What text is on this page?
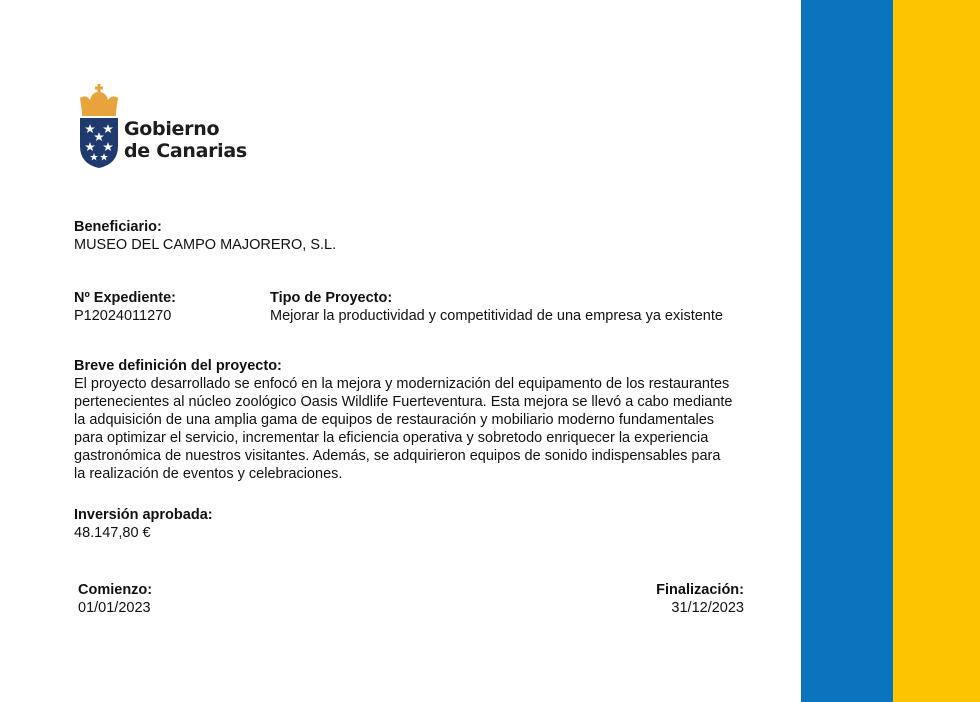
Gobierno
de Canarias
Beneficiario:
MUSEO DEL CAMPO MAJORERO, S.L.
Nº Expediente:
P12024011270
Tipo de Proyecto:
Mejorar la productividad y competitividad de una empresa ya existente
Breve definición del proyecto:
El proyecto desarrollado se enfocó en la mejora y modernización del equipamento de los restaurantes
pertenecientes al núcleo zoológico Oasis Wildlife Fuerteventura. Esta mejora se llevó a cabo mediante
la adquisición de una amplia gama de equipos de restauración y mobiliario moderno fundamentales
para optimizar el servicio, incrementar la eficiencia operativa y sobretodo enriquecer la experiencia
gastronómica de nuestros visitantes. Además, se adquirieron equipos de sonido indispensables para
la realización de eventos y celebraciones.
Inversión aprobada:
48.147,80 €
Comienzo:
01/01/2023
Finalización:
31/12/2023
